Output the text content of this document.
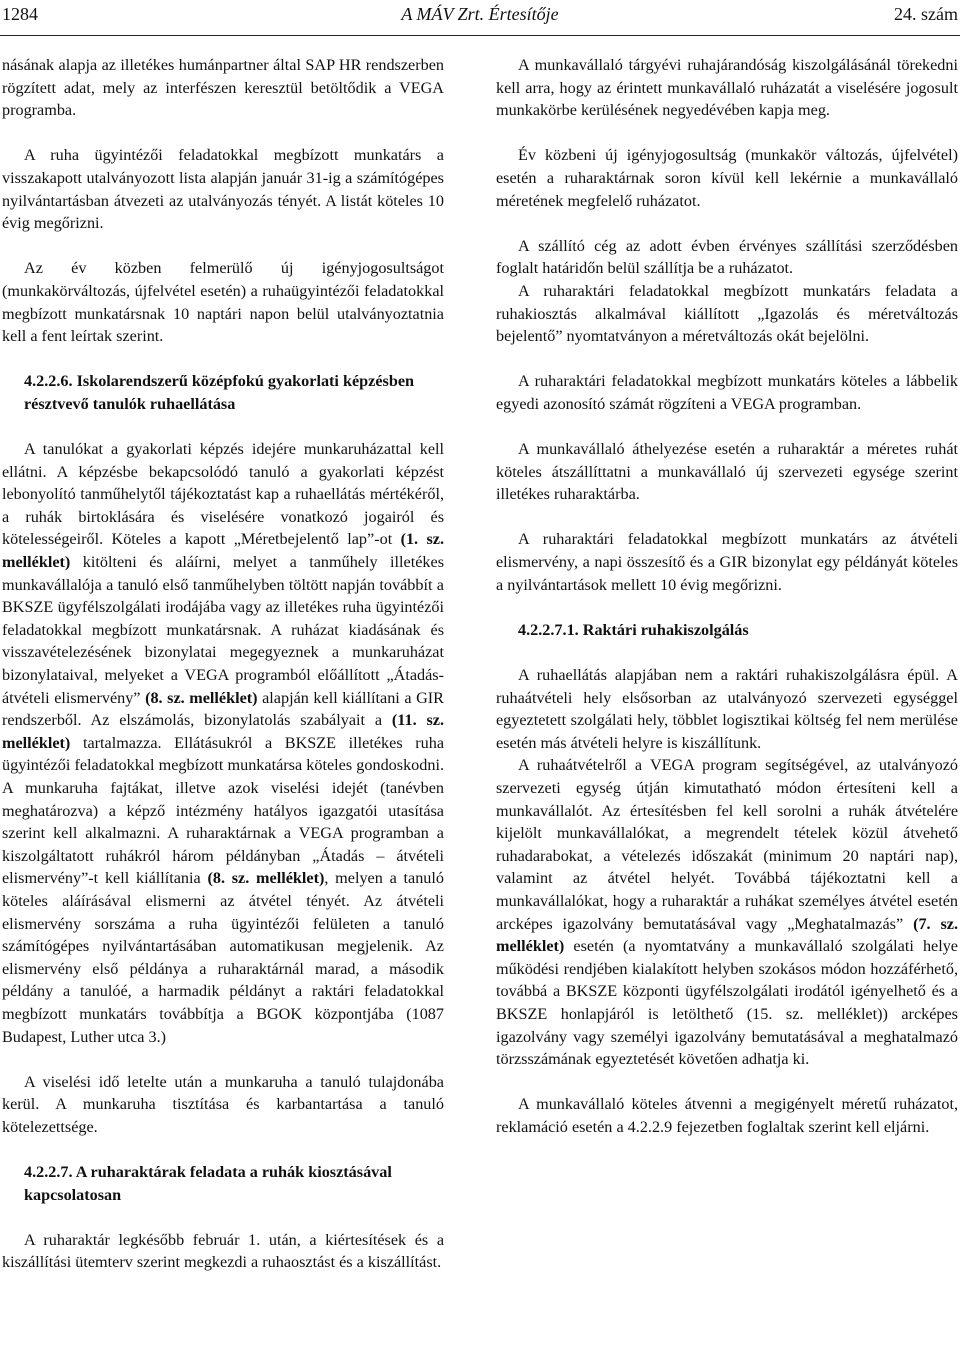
1284	A MÁV Zrt. Értesítője	24. szám

násának alapja az illetékes humánpartner által SAP HR rendszerben rögzített adat, mely az interfészen keresztül betöltődik a VEGA programba.

A ruha ügyintézői feladatokkal megbízott munkatárs a visszakapott utalványozott lista alapján január 31-ig a számítógépes nyilvántartásban átvezeti az utalványozás tényét. A listát köteles 10 évig megőrizni.

Az év közben felmerülő új igényjogosultságot (munkakörváltozás, újfelvétel esetén) a ruhaügyintézői feladatokkal megbízott munkatársnak 10 naptári napon belül utalványoztatnia kell a fent leírtak szerint.

4.2.2.6. Iskolarendszerű középfokú gyakorlati képzésben résztvevő tanulók ruhaellátása

A tanulókat a gyakorlati képzés idejére munkaruházattal kell ellátni. A képzésbe bekapcsolódó tanuló a gyakorlati képzést lebonyolító tanműhelytől tájékoztatást kap a ruhaellátás mértékéről, a ruhák birtoklására és viselésére vonatkozó jogairól és kötelességeiről. Köteles a kapott „Méretbejelentő lap”-ot (1. sz. melléklet) kitölteni és aláírni, melyet a tanműhely illetékes munkavállalója a tanuló első tanműhelyben töltött napján továbbít a BKSZE ügyfélszolgálati irodájába vagy az illetékes ruha ügyintézői feladatokkal megbízott munkatársnak. A ruházat kiadásának és visszavételezésének bizonylatai megegyeznek a munkaruházat bizonylataival, melyeket a VEGA programból előállított „Átadás-átvételi elismervény” (8. sz. melléklet) alapján kell kiállítani a GIR rendszerből. Az elszámolás, bizonylatolás szabályait a (11. sz. melléklet) tartalmazza. Ellátásukról a BKSZE illetékes ruha ügyintézői feladatokkal megbízott munkatársa köteles gondoskodni. A munkaruha fajtákat, illetve azok viselési idejét (tanévben meghatározva) a képző intézmény hatályos igazgatói utasítása szerint kell alkalmazni. A ruharaktárnak a VEGA programban a kiszolgáltatott ruhákról három példányban „Átadás – átvételi elismervény”-t kell kiállítania (8. sz. melléklet), melyen a tanuló köteles aláírásával elismerni az átvétel tényét. Az átvételi elismervény sorszáma a ruha ügyintézői felületen a tanuló számítógépes nyilvántartásában automatikusan megjelenik. Az elismervény első példánya a ruharaktárnál marad, a második példány a tanulóé, a harmadik példányt a raktári feladatokkal megbízott munkatárs továbbítja a BGOK központjába (1087 Budapest, Luther utca 3.)

A viselési idő letelte után a munkaruha a tanuló tulajdonába kerül. A munkaruha tisztítása és karbantartása a tanuló kötelezettsége.

4.2.2.7. A ruharaktárak feladata a ruhák kiosztásával kapcsolatosan

A ruharaktár legkésőbb február 1. után, a kiértesítések és a kiszállítási ütemterv szerint megkezdi a ruhaosztást és a kiszállítást.

A munkavállaló tárgyévi ruhajárandóság kiszolgálásánál törekedni kell arra, hogy az érintett munkavállaló ruházatát a viselésére jogosult munkakörbe kerülésének negyedévében kapja meg.

Év közbeni új igényjogosultság (munkakör változás, újfelvétel) esetén a ruharaktárnak soron kívül kell lekérnie a munkavállaló méretének megfelelő ruházatot.

A szállító cég az adott évben érvényes szállítási szerződésben foglalt határidőn belül szállítja be a ruházatot.

A ruharaktári feladatokkal megbízott munkatárs feladata a ruhakiosztás alkalmával kiállított „Igazolás és méretváltozás bejelentő” nyomtatványon a méretváltozás okát bejelölni.

A ruharaktári feladatokkal megbízott munkatárs köteles a lábbelik egyedi azonosító számát rögzíteni a VEGA programban.

A munkavállaló áthelyezése esetén a ruharaktár a méretes ruhát köteles átszállíttatni a munkavállaló új szervezeti egysége szerint illetékes ruharaktárba.

A ruharaktári feladatokkal megbízott munkatárs az átvételi elismervény, a napi összesítő és a GIR bizonylat egy példányát köteles a nyilvántartások mellett 10 évig megőrizni.

4.2.2.7.1. Raktári ruhakiszolgálás

A ruhaellátás alapjában nem a raktári ruhakiszolgálásra épül. A ruhaátvételi hely elsősorban az utalványozó szervezeti egységgel egyeztetett szolgálati hely, többlet logisztikai költség fel nem merülése esetén más átvételi helyre is kiszállítunk.

A ruhaátvételről a VEGA program segítségével, az utalványozó szervezeti egység útján kimutatható módon értesíteni kell a munkavállalót. Az értesítésben fel kell sorolni a ruhák átvételére kijelölt munkavállalókat, a megrendelt tételek közül átvehető ruhadarabokat, a vételezés időszakát (minimum 20 naptári nap), valamint az átvétel helyét. Továbbá tájékoztatni kell a munkavállalókat, hogy a ruharaktár a ruhákat személyes átvétel esetén arcképes igazolvány bemutatásával vagy „Meghatalmazás” (7. sz. melléklet) esetén (a nyomtatvány a munkavállaló szolgálati helye működési rendjében kialakított helyben szokásos módon hozzáférhető, továbbá a BKSZE központi ügyfélszolgálati irodától igényelhető és a BKSZE honlapjáról is letölthető (15. sz. melléklet)) arcképes igazolvány vagy személyi igazolvány bemutatásával a meghatalmazó törzsszámának egyeztetését követően adhatja ki.

A munkavállaló köteles átvenni a megigényelt méretű ruházatot, reklamáció esetén a 4.2.2.9 fejezetben foglaltak szerint kell eljárni.
